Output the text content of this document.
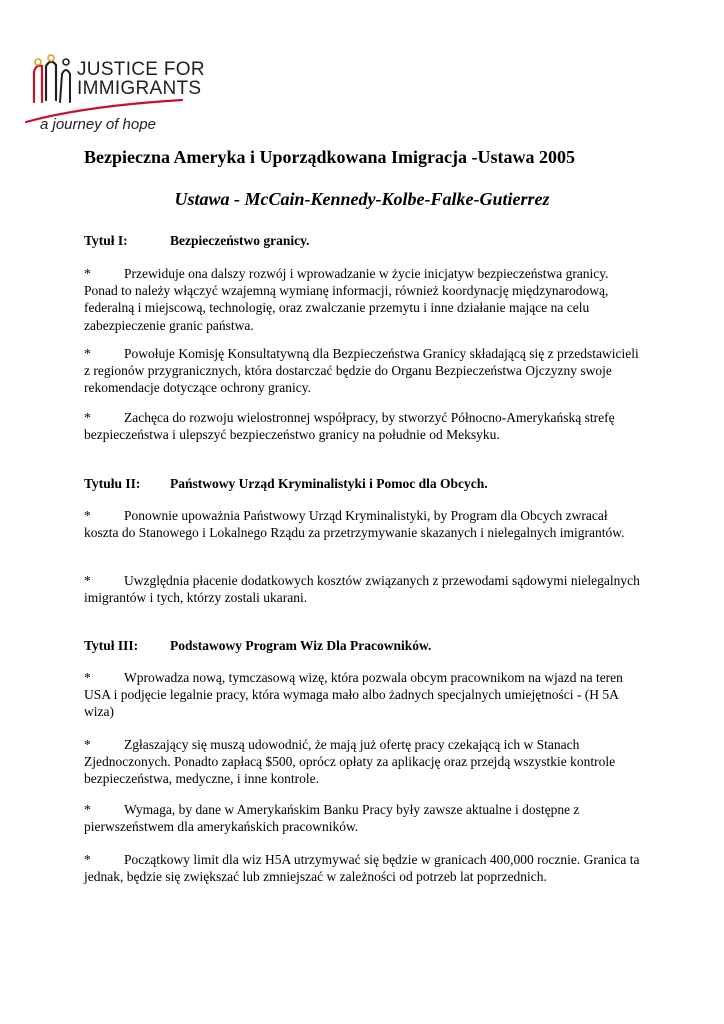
JUSTICE FOR
IMMIGRANTS
a journey of hope
Bezpieczna Ameryka i Uporządkowana Imigracja -Ustawa 2005
Ustawa - McCain-Kennedy-Kolbe-Falke-Gutierrez
Tytuł I:	Bezpieczeństwo granicy.

* Przewiduje ona dalszy rozwój i wprowadzanie w życie inicjatyw bezpieczeństwa granicy. Ponad to należy włączyć wzajemną wymianę informacji, również koordynację międzynarodową, federalną i miejscową, technologię, oraz zwalczanie przemytu i inne działanie mające na celu zabezpieczenie granic państwa.

* Powołuje Komisję Konsultatywną dla Bezpieczeństwa Granicy składającą się z przedstawicieli z regionów przygranicznych, która dostarczać będzie do Organu Bezpieczeństwa Ojczyzny swoje rekomendacje dotyczące ochrony granicy.

* Zachęca do rozwoju wielostronnej współpracy, by stworzyć Północno-Amerykańską strefę bezpieczeństwa i ulepszyć bezpieczeństwo granicy na południe od Meksyku.

Tytułu II: Państwowy Urząd Kryminalistyki i Pomoc dla Obcych.

* Ponownie upoważnia Państwowy Urząd Kryminalistyki, by Program dla Obcych zwracał koszta do Stanowego i Lokalnego Rządu za przetrzymywanie skazanych i nielegalnych imigrantów.

* Uwzględnia płacenie dodatkowych kosztów związanych z przewodami sądowymi nielegalnych imigrantów i tych, którzy zostali ukarani.

Tytuł III: Podstawowy Program Wiz Dla Pracowników.

* Wprowadza nową, tymczasową wizę, która pozwala obcym pracownikom na wjazd na teren USA i podjęcie legalnie pracy, która wymaga mało albo żadnych specjalnych umiejętności - (H 5A wiza)

* Zgłaszający się muszą udowodnić, że mają już ofertę pracy czekającą ich w Stanach Zjednoczonych. Ponadto zapłacą $500, oprócz opłaty za aplikację oraz przejdą wszystkie kontrole bezpieczeństwa, medyczne, i inne kontrole.

* Wymaga, by dane w Amerykańskim Banku Pracy były zawsze aktualne i dostępne z pierwszeństwem dla amerykańskich pracowników.

* Początkowy limit dla wiz H5A utrzymywać się będzie w granicach 400,000 rocznie. Granica ta jednak, będzie się zwiększać lub zmniejszać w zależności od potrzeb lat poprzednich.
